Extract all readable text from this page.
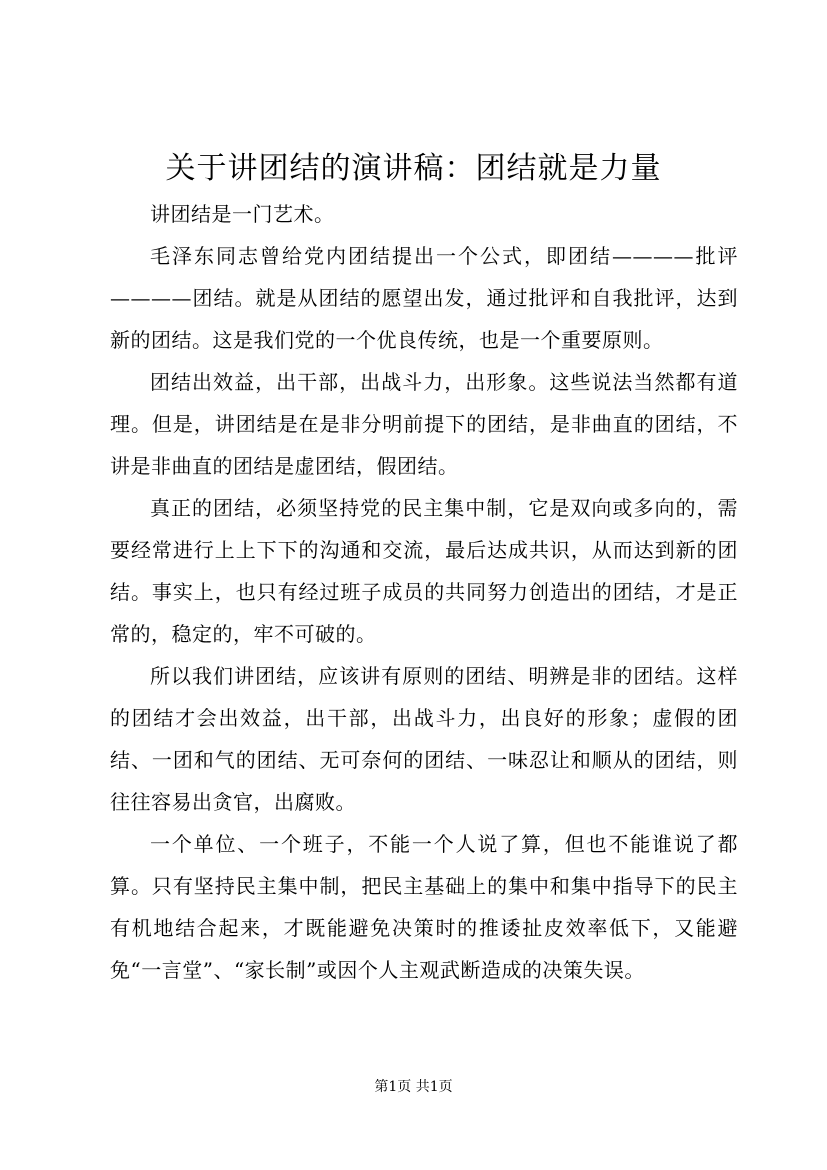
关于讲团结的演讲稿：团结就是力量

讲团结是一门艺术。

毛泽东同志曾给党内团结提出一个公式，即团结————批评————团结。就是从团结的愿望出发，通过批评和自我批评，达到新的团结。这是我们党的一个优良传统，也是一个重要原则。

团结出效益，出干部，出战斗力，出形象。这些说法当然都有道理。但是，讲团结是在是非分明前提下的团结，是非曲直的团结，不讲是非曲直的团结是虚团结，假团结。

真正的团结，必须坚持党的民主集中制，它是双向或多向的，需要经常进行上上下下的沟通和交流，最后达成共识，从而达到新的团结。事实上，也只有经过班子成员的共同努力创造出的团结，才是正常的，稳定的，牢不可破的。

所以我们讲团结，应该讲有原则的团结、明辨是非的团结。这样的团结才会出效益，出干部，出战斗力，出良好的形象；虚假的团结、一团和气的团结、无可奈何的团结、一味忍让和顺从的团结，则往往容易出贪官，出腐败。

一个单位、一个班子，不能一个人说了算，但也不能谁说了都算。只有坚持民主集中制，把民主基础上的集中和集中指导下的民主有机地结合起来，才既能避免决策时的推诿扯皮效率低下，又能避免“一言堂”、“家长制”或因个人主观武断造成的决策失误。

第1页 共1页
